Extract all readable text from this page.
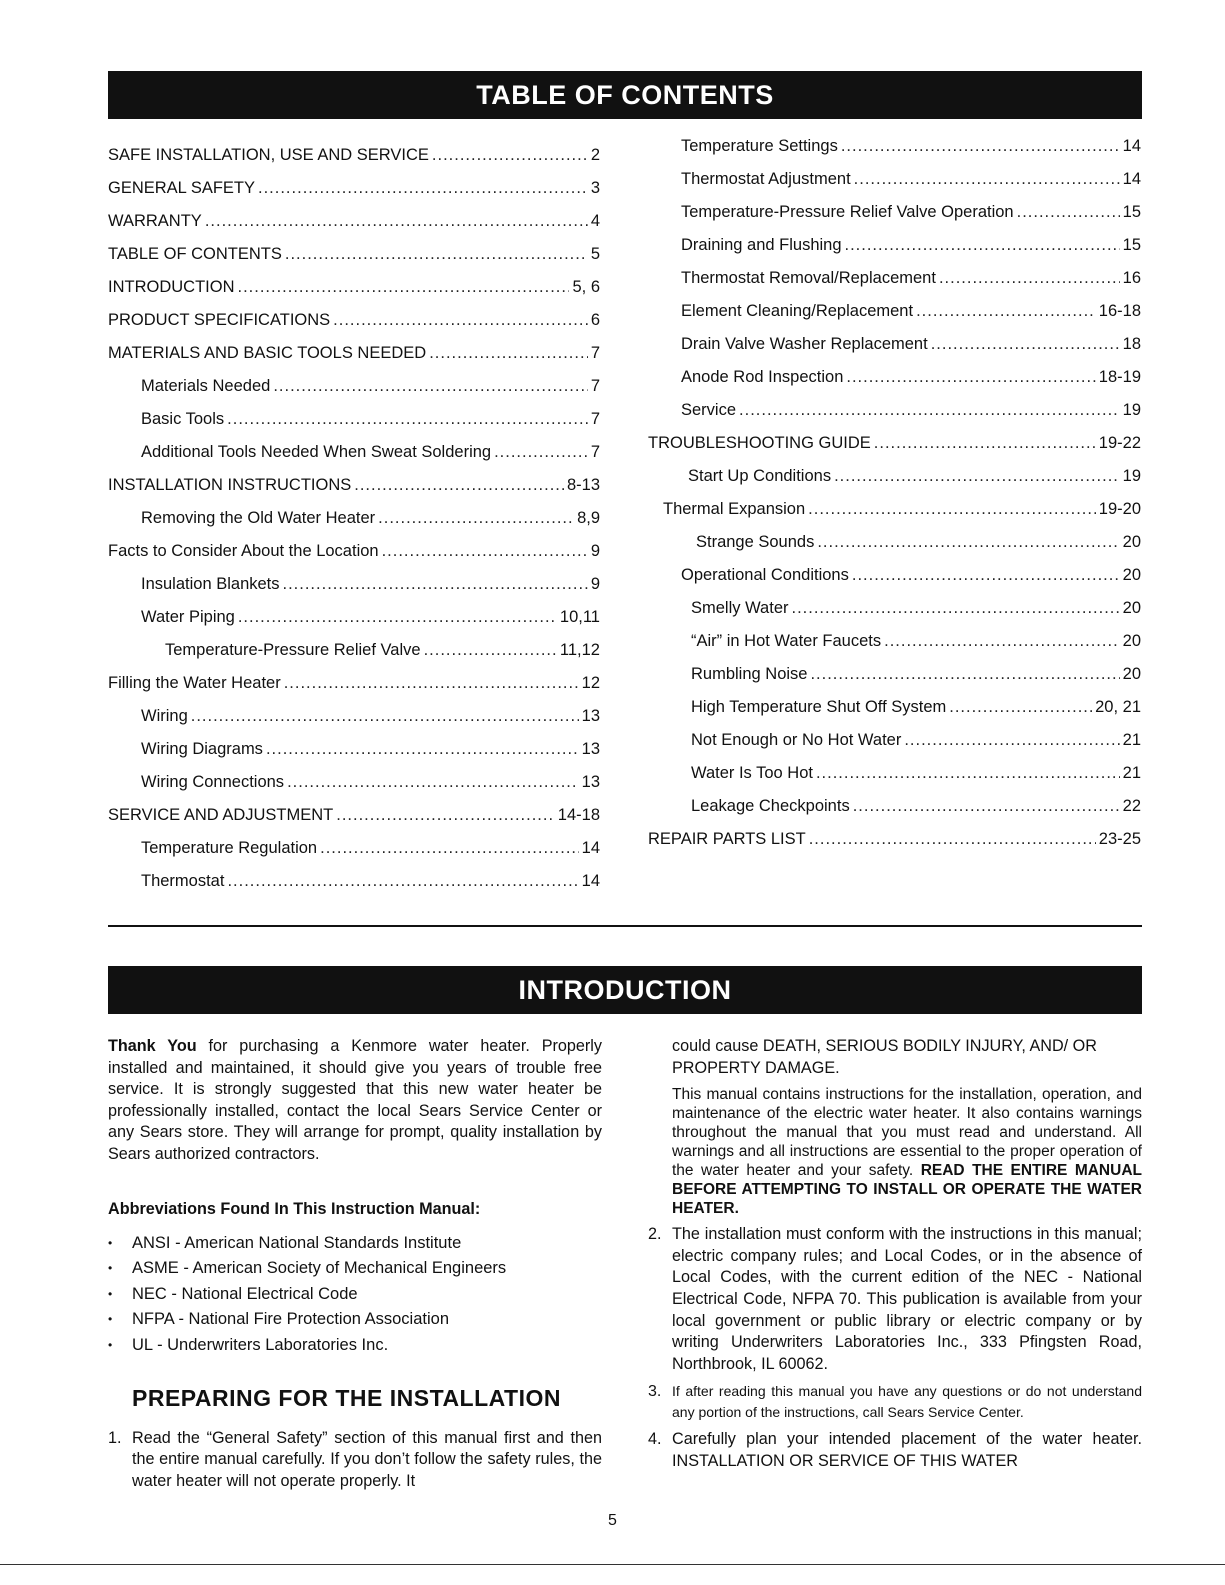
TABLE OF CONTENTS
SAFE INSTALLATION, USE AND SERVICE .....	2
GENERAL SAFETY .....	3
WARRANTY .....	4
TABLE OF CONTENTS .....	5
INTRODUCTION .....	5, 6
PRODUCT SPECIFICATIONS .....	6
MATERIALS AND BASIC TOOLS NEEDED .....	7
Materials Needed .....	7
Basic Tools .....	7
Additional Tools Needed When Sweat Soldering .....	7
INSTALLATION INSTRUCTIONS .....	8-13
Removing the Old Water Heater .....	8,9
Facts to Consider About the Location .....	9
Insulation Blankets .....	9
Water Piping .....	10,11
Temperature-Pressure Relief Valve .....	11,12
Filling the Water Heater .....	12
Wiring .....	13
Wiring Diagrams .....	13
Wiring Connections .....	13
SERVICE AND ADJUSTMENT .....	14-18
Temperature Regulation .....	14
Thermostat .....	14
Temperature Settings .....	14
Thermostat Adjustment .....	14
Temperature-Pressure Relief Valve Operation .....	15
Draining and Flushing .....	15
Thermostat Removal/Replacement .....	16
Element Cleaning/Replacement .....	16-18
Drain Valve Washer Replacement .....	18
Anode Rod Inspection .....	18-19
Service .....	19
TROUBLESHOOTING GUIDE .....	19-22
Start Up Conditions .....	19
Thermal Expansion .....	19-20
Strange Sounds .....	20
Operational Conditions .....	20
Smelly Water .....	20
“Air” in Hot Water Faucets .....	20
Rumbling Noise .....	20
High Temperature Shut Off System .....	20, 21
Not Enough or No Hot Water .....	21
Water Is Too Hot .....	21
Leakage Checkpoints .....	22
REPAIR PARTS LIST .....	23-25
INTRODUCTION

Thank You for purchasing a Kenmore water heater. Properly installed and maintained, it should give you years of trouble free service. It is strongly suggested that this new water heater be professionally installed, contact the local Sears Service Center or any Sears store. They will arrange for prompt, quality installation by Sears authorized contractors.

Abbreviations Found In This Instruction Manual:

• ANSI - American National Standards Institute
• ASME - American Society of Mechanical Engineers
• NEC - National Electrical Code
• NFPA - National Fire Protection Association
• UL - Underwriters Laboratories Inc.
PREPARING FOR THE INSTALLATION
1. Read the “General Safety” section of this manual first and then the entire manual carefully. If you don’t follow the safety rules, the water heater will not operate properly. It
could cause DEATH, SERIOUS BODILY INJURY, AND/ OR PROPERTY DAMAGE.
This manual contains instructions for the installation, operation, and maintenance of the electric water heater. It also contains warnings throughout the manual that you must read and understand. All warnings and all instructions are essential to the proper operation of the water heater and your safety. READ THE ENTIRE MANUAL BEFORE ATTEMPTING TO INSTALL OR OPERATE THE WATER HEATER.
2. The installation must conform with the instructions in this manual; electric company rules; and Local Codes, or in the absence of Local Codes, with the current edition of the NEC - National Electrical Code, NFPA 70. This publication is available from your local government or public library or electric company or by writing Underwriters Laboratories Inc., 333 Pfingsten Road, Northbrook, IL 60062.
3. If after reading this manual you have any questions or do not understand any portion of the instructions, call Sears Service Center.
4. Carefully plan your intended placement of the water heater. INSTALLATION OR SERVICE OF THIS WATER
5
